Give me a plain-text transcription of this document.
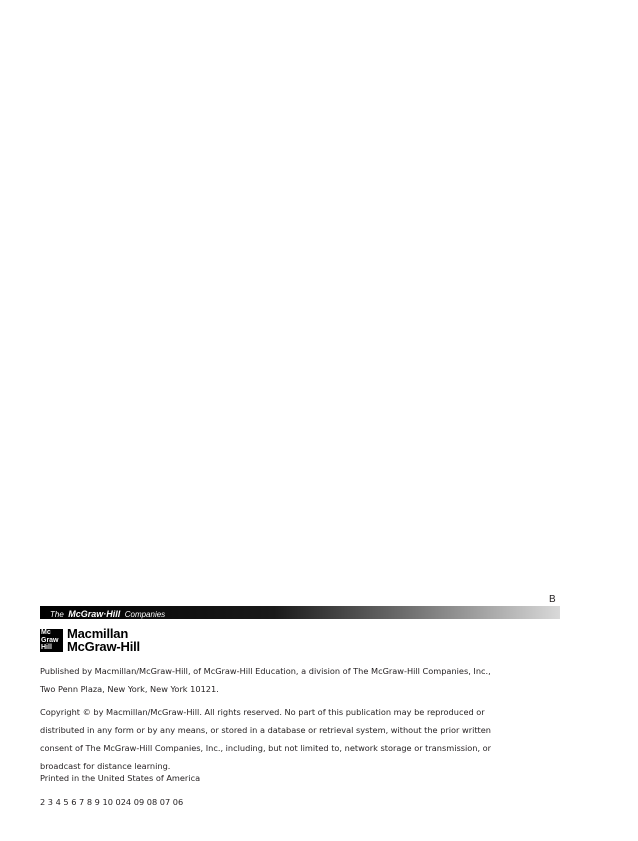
B
The McGraw·Hill Companies
Mc
Graw
Hill
Macmillan
McGraw-Hill
Published by Macmillan/McGraw-Hill, of McGraw-Hill Education, a division of The McGraw-Hill Companies, Inc.,
Two Penn Plaza, New York, New York 10121.
Copyright © by Macmillan/McGraw-Hill. All rights reserved. No part of this publication may be reproduced or
distributed in any form or by any means, or stored in a database or retrieval system, without the prior written
consent of The McGraw-Hill Companies, Inc., including, but not limited to, network storage or transmission, or
broadcast for distance learning.
Printed in the United States of America
2 3 4 5 6 7 8 9 10 024 09 08 07 06
